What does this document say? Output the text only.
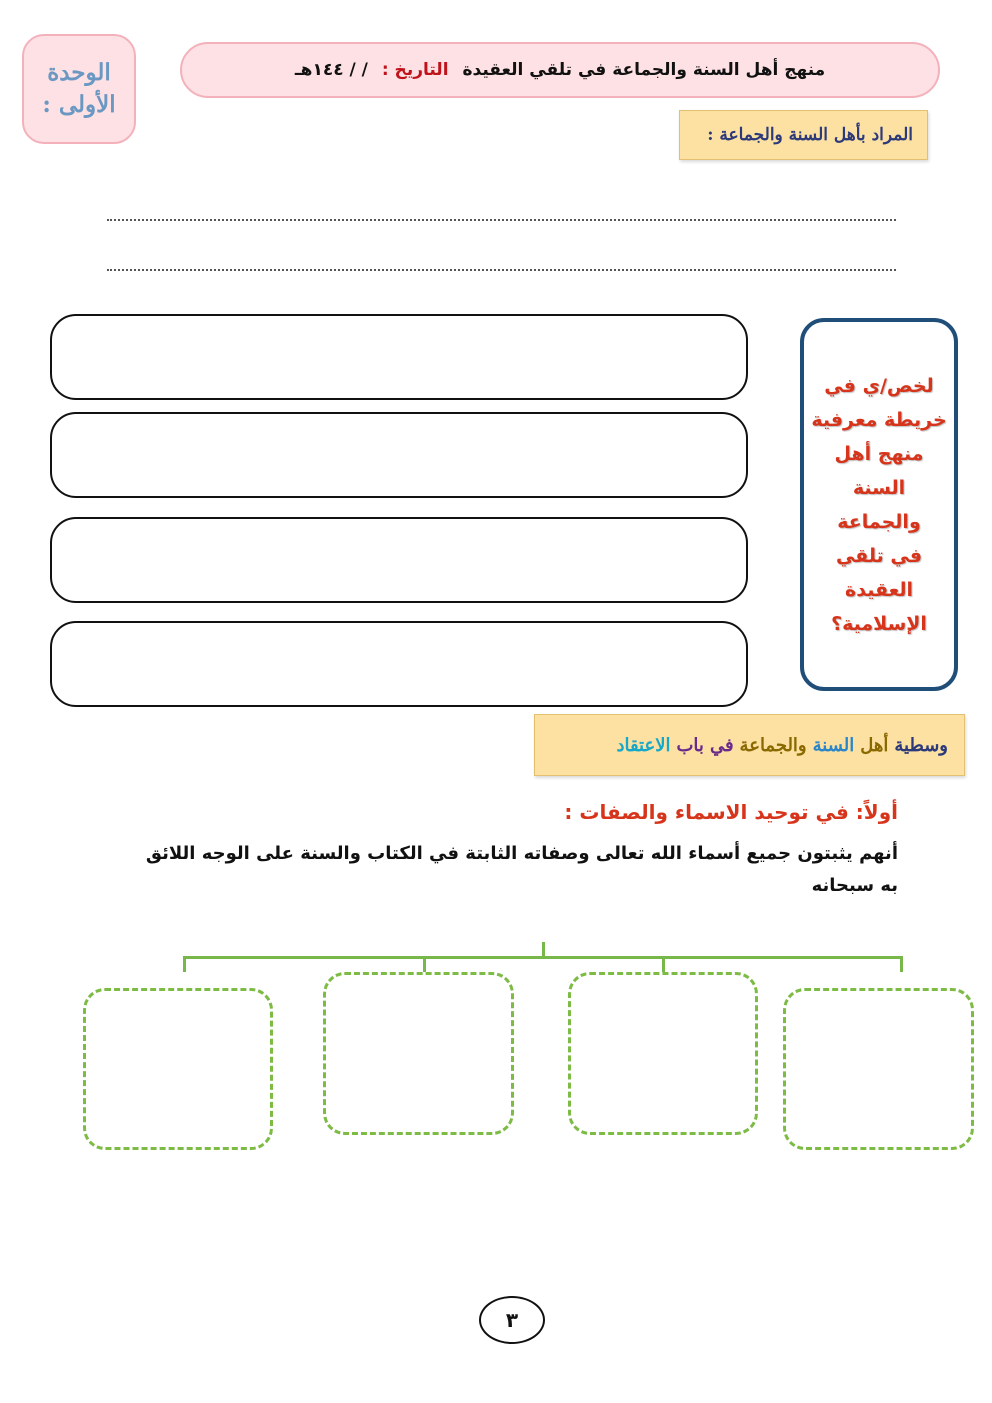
الوحدة
الأولى :
منهج أهل السنة والجماعة في تلقي العقيدة
التاريخ :
/ / ١٤٤هـ
المراد بأهل السنة والجماعة :
لخص/ي في
خريطة معرفية
منهج أهل
السنة
والجماعة
في تلقي
العقيدة
الإسلامية؟
وسطية
أهل
السنة
والجماعة
في
باب
الاعتقاد
أولاً: في توحيد الاسماء والصفات :
أنهم يثبتون جميع أسماء الله تعالى وصفاته الثابتة في الكتاب والسنة على الوجه اللائق به سبحانه
٣
